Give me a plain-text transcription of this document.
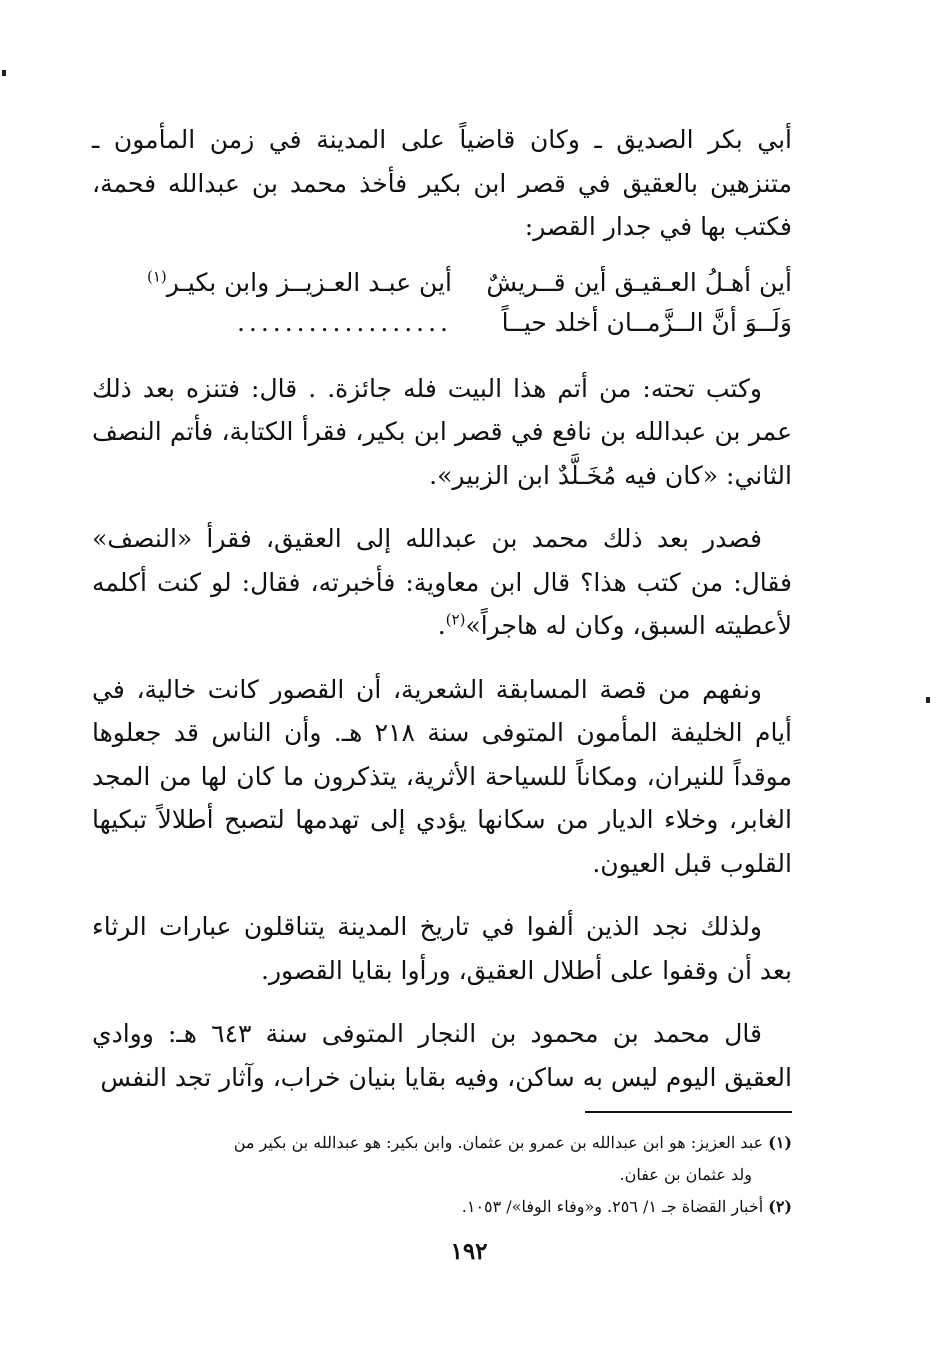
أبي بكر الصديق ـ وكان قاضياً على المدينة في زمن المأمون ـ متنزهين بالعقيق في قصر ابن بكير فأخذ محمد بن عبدالله فحمة، فكتب بها في جدار القصر:

أين أهـلُ العـقيـق أين قــريشٌ
أين عبـد العـزيــز وابن بكيـر$^{(١)}$
وَلَــوَ أنَّ الــزَّمــان أخلد حيــاً
..................

وكتب تحته: من أتم هذا البيت فله جائزة. . قال: فتنزه بعد ذلك عمر بن عبدالله بن نافع في قصر ابن بكير، فقرأ الكتابة، فأتم النصف الثاني: «كان فيه مُخَـلَّدٌ ابن الزبير».

فصدر بعد ذلك محمد بن عبدالله إلى العقيق، فقرأ «النصف» فقال: من كتب هذا؟ قال ابن معاوية: فأخبرته، فقال: لو كنت أكلمه لأعطيته السبق، وكان له هاجراً»$^{(٢)}$.

ونفهم من قصة المسابقة الشعرية، أن القصور كانت خالية، في أيام الخليفة المأمون المتوفى سنة ٢١٨ هـ. وأن الناس قد جعلوها موقداً للنيران، ومكاناً للسياحة الأثرية، يتذكرون ما كان لها من المجد الغابر، وخلاء الديار من سكانها يؤدي إلى تهدمها لتصبح أطلالاً تبكيها القلوب قبل العيون.

ولذلك نجد الذين ألفوا في تاريخ المدينة يتناقلون عبارات الرثاء بعد أن وقفوا على أطلال العقيق، ورأوا بقايا القصور.

قال محمد بن محمود بن النجار المتوفى سنة ٦٤٣ هـ: ووادي العقيق اليوم ليس به ساكن، وفيه بقايا بنيان خراب، وآثار تجد النفس

(١) عبد العزيز: هو ابن عبدالله بن عمرو بن عثمان. وابن بكير: هو عبدالله بن بكير من

ولد عثمان بن عفان.

(٢) أخبار القضاة جـ ١/ ٢٥٦. و«وفاء الوفا»/ ١٠٥٣.

١٩٢
